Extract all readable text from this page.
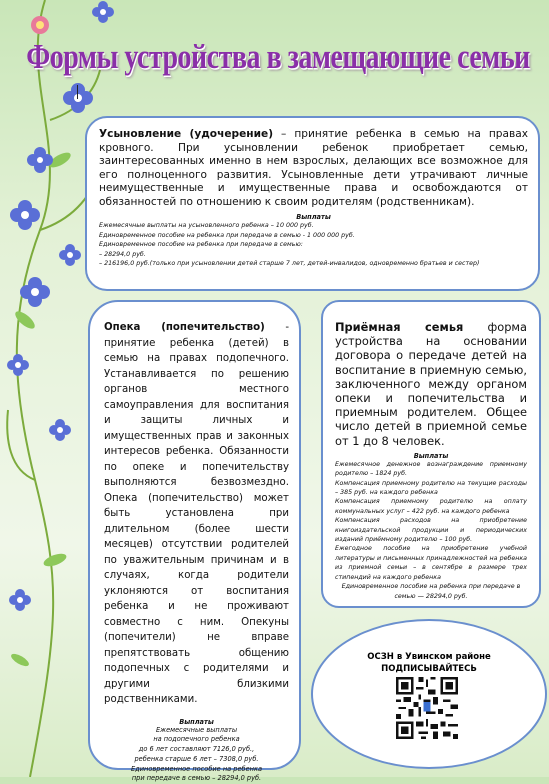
Формы устройства в замещающие семьи
Усыновление (удочерение) – принятие ребенка в семью на правах кровного. При усыновлении ребенок приобретает семью, заинтересованных именно в нем взрослых, делающих все возможное для его полноценного развития. Усыновленные дети утрачивают личные неимущественные и имущественные права и освобождаются от обязанностей по отношению к своим родителям (родственникам).
Выплаты
Ежемесячные выплаты на усыновленного ребенка – 10 000 руб.
Единовременное пособие на ребенка при передаче в семью - 1 000 000 руб.
Единовременное пособие на ребенка при передаче в семью:
– 28294,0 руб.
– 216196,0 руб.(только при усыновлении детей старше 7 лет, детей-инвалидов, одновременно братьев и сестер)
Опека (попечительство) - принятие ребенка (детей) в семью на правах подопечного. Устанавливается по решению органов местного самоуправления для воспитания и защиты личных и имущественных прав и законных интересов ребенка. Обязанности по опеке и попечительству выполняются безвозмездно. Опека (попечительство) может быть установлена при длительном (более шести месяцев) отсутствии родителей по уважительным причинам и в случаях, когда родители уклоняются от воспитания ребенка и не проживают совместно с ним. Опекуны (попечители) не вправе препятствовать общению подопечных с родителями и другими близкими родственниками.
Выплаты
Ежемесячные выплаты
на подопечного ребенка
до 6 лет составляют 7126,0 руб.,
ребенка старше 6 лет – 7308,0 руб.
Единовременное пособие на ребенка
при передаче в семью – 28294,0 руб.
Приёмная семья форма устройства на основании договора о передаче детей на воспитание в приемную семью, заключенного между органом опеки и попечительства и приемным родителем. Общее число детей в приемной семье от 1 до 8 человек.
Выплаты
Ежемесячное денежное вознаграждение приемному родителю – 1824 руб.
Компенсация приемному родителю на текущие расходы – 385 руб. на каждого ребенка
Компенсация приемному родителю на оплату коммунальных услуг – 422 руб. на каждого ребенка
Компенсация расходов на приобретение книгоиздательской продукции и периодических изданий приёмному родителю – 100 руб.
Ежегодное пособие на приобретение учебной литературы и письменных принадлежностей на ребенка из приемной семьи – в сентябре в размере трех стипендий на каждого ребенка
Единовременное пособие на ребенка при передаче в семью — 28294,0 руб.
ОСЗН в Увинском районе
ПОДПИСЫВАЙТЕСЬ
